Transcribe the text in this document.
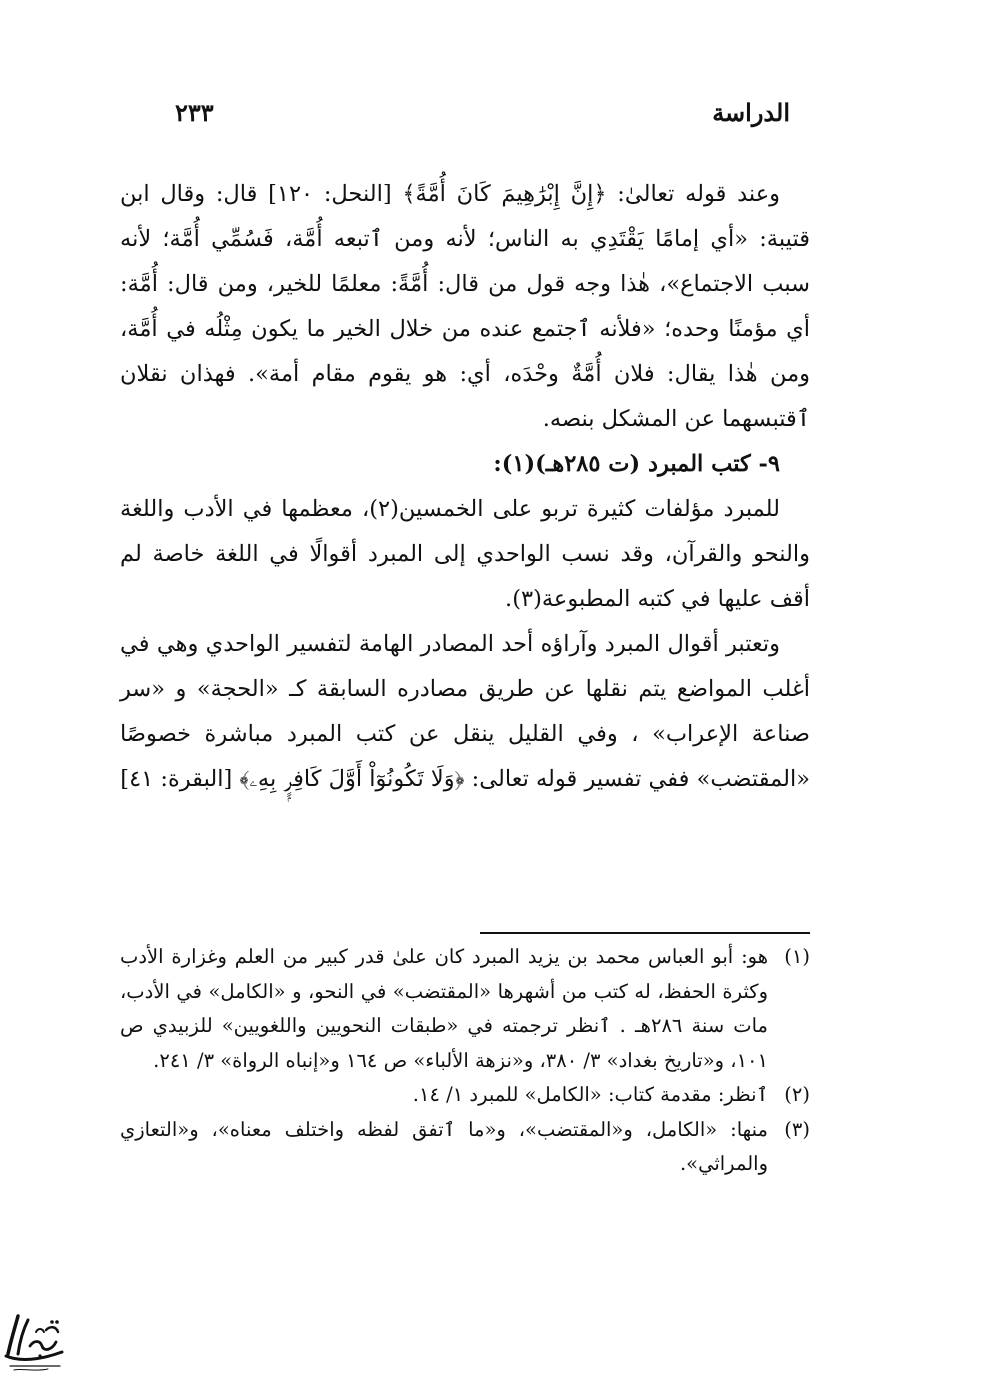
الدراسة
٢٣٣

وعند قوله تعالىٰ: ﴿إِنَّ إِبْرَٰهِيمَ كَانَ أُمَّةً﴾ [النحل: ١٢٠] قال: وقال ابن قتيبة: «أي إمامًا يَقْتَدِي به الناس؛ لأنه ومن ٱتبعه أُمَّة، فَسُمِّي أُمَّة؛ لأنه سبب الاجتماع»، هٰذا وجه قول من قال: أُمَّةً: معلمًا للخير، ومن قال: أُمَّة: أي مؤمنًا وحده؛ «فلأنه ٱجتمع عنده من خلال الخير ما يكون مِثْلُه في أُمَّة، ومن هٰذا يقال: فلان أُمَّةٌ وحْدَه، أي: هو يقوم مقام أمة». فهذان نقلان ٱقتبسهما عن المشكل بنصه.

٩- كتب المبرد (ت ٢٨٥هـ)(١):

للمبرد مؤلفات كثيرة تربو على الخمسين(٢)، معظمها في الأدب واللغة والنحو والقرآن، وقد نسب الواحدي إلى المبرد أقوالًا في اللغة خاصة لم أقف عليها في كتبه المطبوعة(٣).

وتعتبر أقوال المبرد وآراؤه أحد المصادر الهامة لتفسير الواحدي وهي في أغلب المواضع يتم نقلها عن طريق مصادره السابقة كـ «الحجة» و «سر صناعة الإعراب» ، وفي القليل ينقل عن كتب المبرد مباشرة خصوصًا «المقتضب» ففي تفسير قوله تعالى: ﴿وَلَا تَكُونُوٓاْ أَوَّلَ كَافِرٍۭ بِهِۦ﴾ [البقرة: ٤١]

(١)
هو: أبو العباس محمد بن يزيد المبرد كان علىٰ قدر كبير من العلم وغزارة الأدب وكثرة الحفظ، له كتب من أشهرها «المقتضب» في النحو، و «الكامل» في الأدب، مات سنة ٢٨٦هـ . ٱنظر ترجمته في «طبقات النحويين واللغويين» للزبيدي ص ١٠١، و«تاريخ بغداد» ٣/ ٣٨٠، و«نزهة الألباء» ص ١٦٤ و«إنباه الرواة» ٣/ ٢٤١.

(٢)
ٱنظر: مقدمة كتاب: «الكامل» للمبرد ١/ ١٤.

(٣)
منها: «الكامل، و«المقتضب»، و«ما ٱتفق لفظه واختلف معناه»، و«التعازي والمراثي».
